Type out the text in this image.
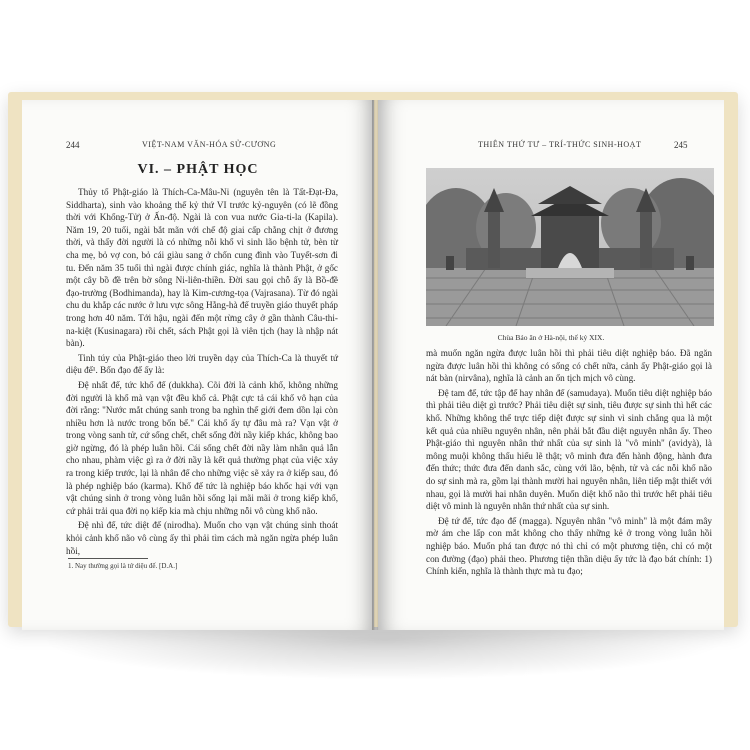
VIỆT-NAM VĂN-HÓA SỬ-CƯƠNG
244
VI. – PHẬT HỌC

Thủy tổ Phật-giáo là Thích-Ca-Mâu-Ni (nguyên tên là Tất-Đạt-Đa, Siddharta), sinh vào khoảng thế kỷ thứ VI trước kỷ-nguyên (có lẽ đồng thời với Khổng-Tử) ở Ấn-độ. Ngài là con vua nước Gia-ti-la (Kapila). Năm 19, 20 tuổi, ngài bắt mãn với chế độ giai cấp chằng chịt ở đương thời, và thấy đời người là có những nỗi khổ vì sinh lão bệnh tử, bèn từ cha mẹ, bỏ vợ con, bỏ cái giàu sang ở chốn cung đình vào Tuyết-sơn đi tu. Đến năm 35 tuổi thì ngài được chính giác, nghĩa là thành Phật, ở gốc một cây bồ đề trên bờ sông Ni-liên-thiền. Đời sau gọi chỗ ấy là Bồ-đề đạo-trường (Bodhimanda), hay là Kim-cương-tọa (Vajrasana). Từ đó ngài chu du khắp các nước ở lưu vực sông Hằng-hà để truyền giáo thuyết pháp trong hơn 40 năm. Tới hậu, ngài đến một rừng cây ở gần thành Câu-thi-na-kiệt (Kusinagara) rồi chết, sách Phật gọi là viên tịch (hay là nhập nát bàn).

Tinh túy của Phật-giáo theo lời truyền dạy của Thích-Ca là thuyết tứ diệu đế¹. Bốn đạo đế ấy là:

Đệ nhất đế, tức khổ đế (dukkha). Cõi đời là cảnh khổ, không những đời người là khổ mà vạn vật đều khổ cả. Phật cực tả cái khổ vô hạn của đời rằng: "Nước mắt chúng sanh trong ba nghìn thế giới đem dồn lại còn nhiều hơn là nước trong bốn bể." Cái khổ ấy tự đâu mà ra? Vạn vật ở trong vòng sanh tử, cứ sống chết, chết sống đời nầy kiếp khác, không bao giờ ngừng, đó là phép luân hồi. Cái sống chết đời nầy làm nhân quả lẫn cho nhau, phàm việc gì ra ở đời nầy là kết quả thường phạt của việc xảy ra trong kiếp trước, lại là nhân để cho những việc sẽ xảy ra ở kiếp sau, đó là phép nghiệp báo (karma). Khổ đế tức là nghiệp báo khốc hại với vạn vật chúng sinh ở trong vòng luân hồi sống lại mãi mãi ở trong kiếp khổ, cứ phải trải qua đời nọ kiếp kia mà chịu những nỗi vô cùng khổ não.

Đệ nhì đế, tức diệt đế (nirodha). Muốn cho vạn vật chúng sinh thoát khỏi cảnh khổ não vô cùng ấy thì phải tìm cách mà ngăn ngừa phép luân hồi,

1. Nay thường gọi là tứ diệu đế. [D.A.]
THIÊN THỨ TƯ – TRÍ-THỨC SINH-HOẠT	245
Chùa Báo ân ở Hà-nội, thế kỷ XIX.

mà muốn ngăn ngừa được luân hồi thì phải tiêu diệt nghiệp báo. Đã ngăn ngừa được luân hồi thì không có sống có chết nữa, cảnh ấy Phật-giáo gọi là nát bàn (nirvâna), nghĩa là cảnh an ổn tịch mịch vô cùng.

Đệ tam đế, tức tập đế hay nhân đế (samudaya). Muốn tiêu diệt nghiệp báo thì phải tiêu diệt gì trước? Phải tiêu diệt sự sinh, tiêu được sự sinh thì hết các khổ. Những không thể trực tiếp diệt được sự sinh vì sinh chẳng qua là một kết quả của nhiều nguyên nhân, nên phải bắt đầu diệt nguyên nhân ấy. Theo Phật-giáo thì nguyên nhân thứ nhất của sự sinh là "vô minh" (avidyà), là mông muội không thấu hiểu lẽ thật; vô minh đưa đến hành động, hành đưa đến thức; thức đưa đến danh sắc, cùng với lão, bệnh, tử và các nỗi khổ não do sự sinh mà ra, gồm lại thành mười hai nguyên nhân, liên tiếp mật thiết với nhau, gọi là mười hai nhân duyên. Muốn diệt khổ não thì trước hết phải tiêu diệt vô minh là nguyên nhân thứ nhất của sự sinh.

Đệ tứ đế, tức đạo đế (magga). Nguyên nhân "vô minh" là một đám mây mờ ám che lấp con mắt không cho thấy những kẻ ở trong vòng luân hồi nghiệp báo. Muốn phá tan được nó thì chỉ có một phương tiện, chỉ có một con đường (đạo) phải theo. Phương tiện thần diệu ấy tức là đạo bát chính: 1) Chính kiến, nghĩa là thành thực mà tu đạo;
